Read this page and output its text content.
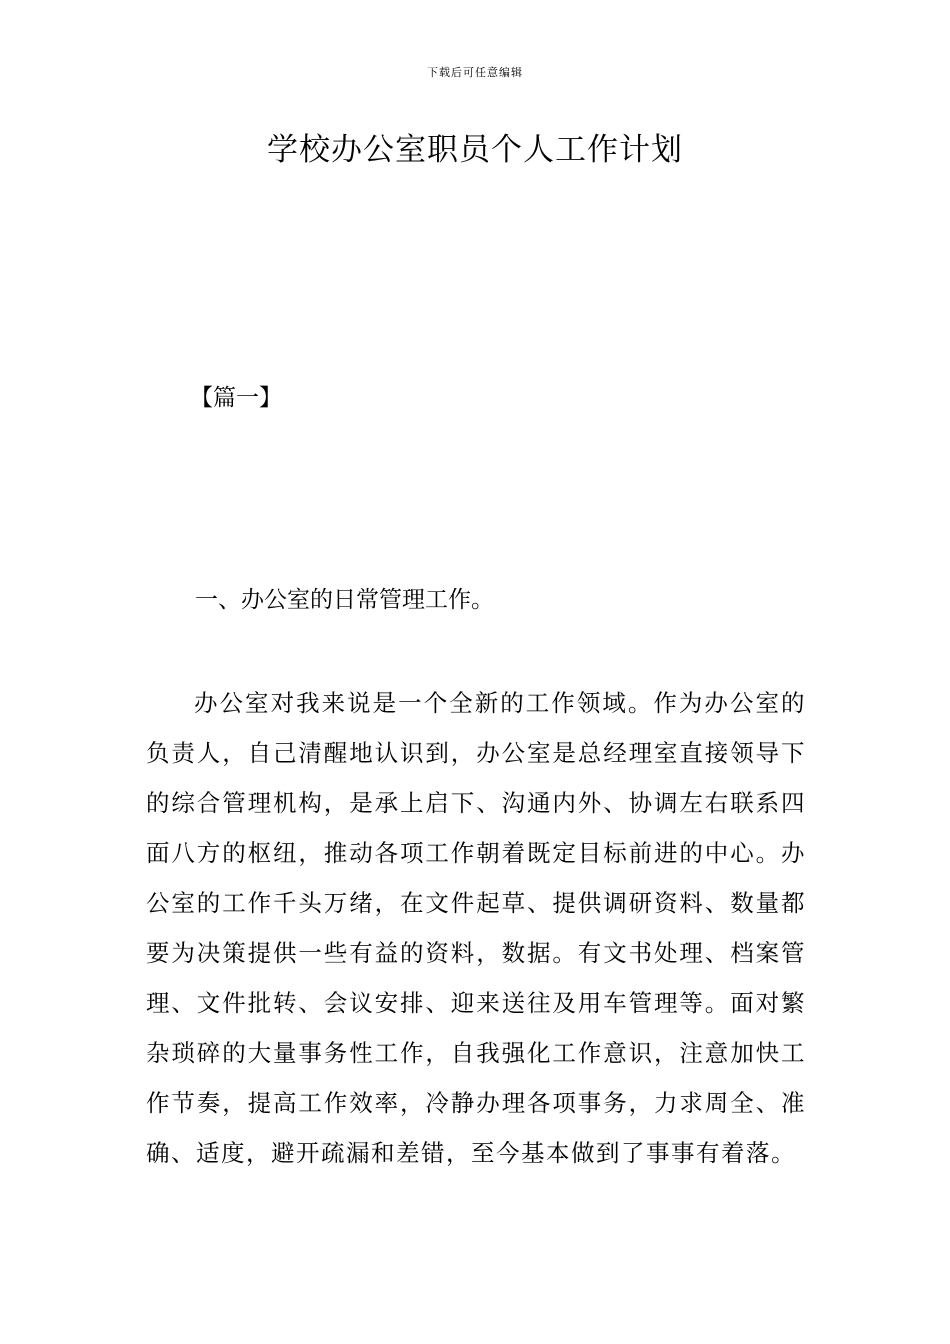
下载后可任意编辑
学校办公室职员个人工作计划
【篇一】
一、办公室的日常管理工作。

办公室对我来说是一个全新的工作领域。作为办公室的负责人，自己清醒地认识到，办公室是总经理室直接领导下的综合管理机构，是承上启下、沟通内外、协调左右联系四面八方的枢纽，推动各项工作朝着既定目标前进的中心。办公室的工作千头万绪，在文件起草、提供调研资料、数量都要为决策提供一些有益的资料，数据。有文书处理、档案管理、文件批转、会议安排、迎来送往及用车管理等。面对繁杂琐碎的大量事务性工作，自我强化工作意识，注意加快工作节奏，提高工作效率，冷静办理各项事务，力求周全、准确、适度，避开疏漏和差错，至今基本做到了事事有着落。
